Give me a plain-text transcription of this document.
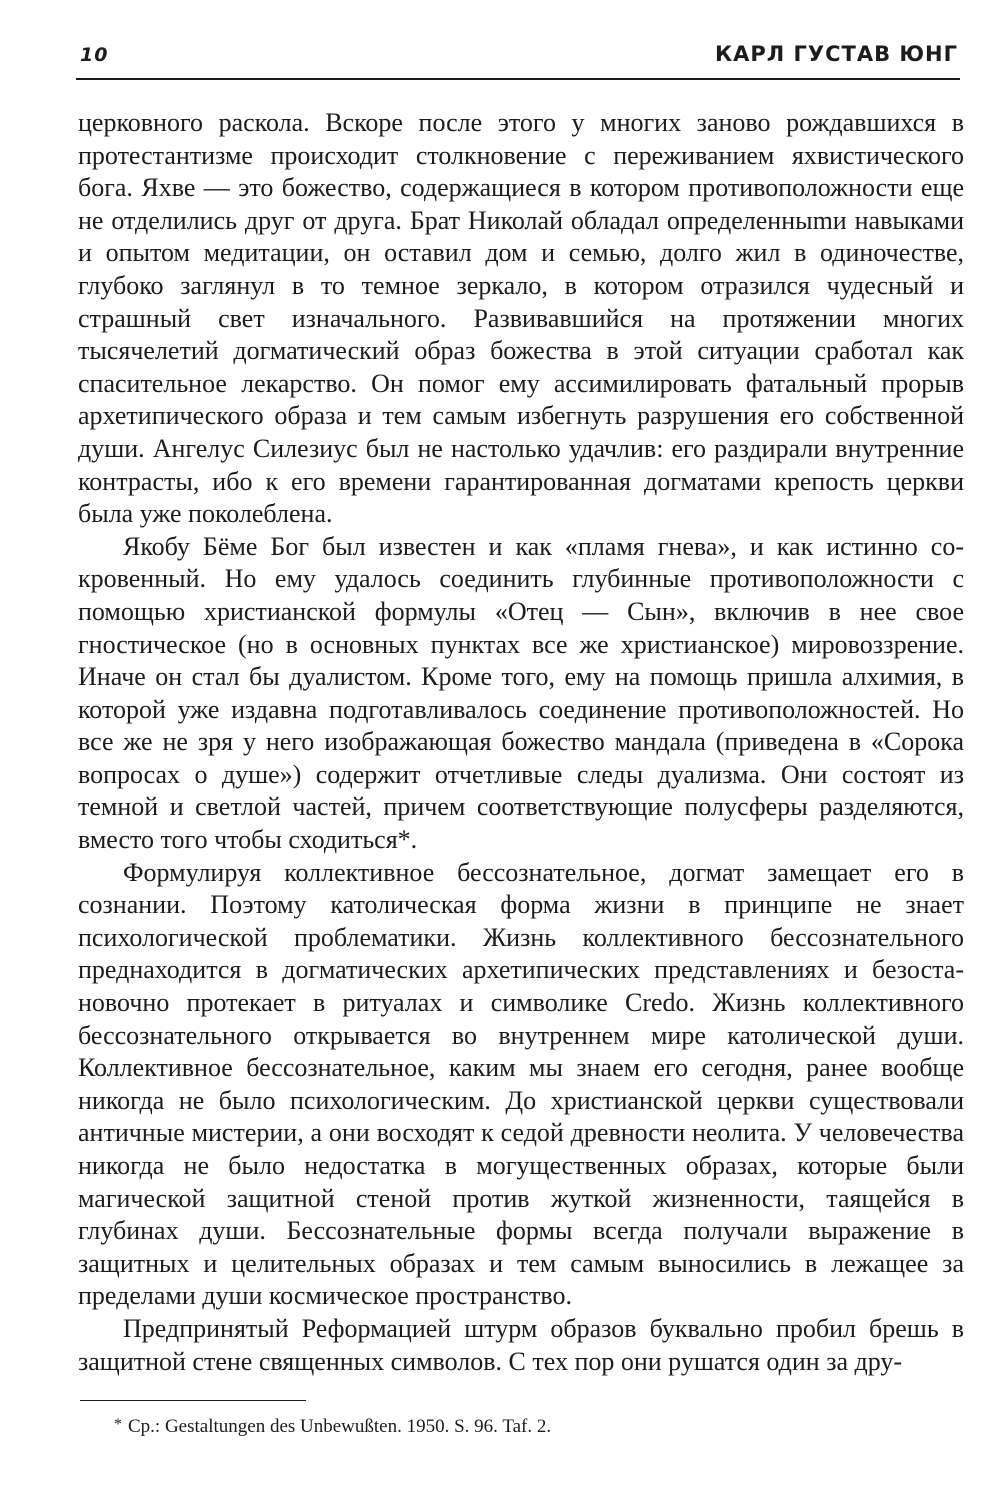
10	КАРЛ ГУСТАВ ЮНГ

церковного раскола. Вскоре после этого у многих заново рождавшихся в протестантизме происходит столкновение с переживанием яхвистического бога. Яхве — это божество, содержащиеся в котором противоположности еще не отделились друг от друга. Брат Николай обладал определенныmи навыками и опытом медитации, он оставил дом и семью, долго жил в одиночестве, глубоко заглянул в то темное зеркало, в котором отразился чудесный и страшный свет изначального. Развивавшийся на протяжении многих тысячелетий догматический образ божества в этой ситуации сработал как спасительное лекарство. Он помог ему ассимилировать фатальный прорыв архетипического образа и тем самым избегнуть разрушения его собственной души. Ангелус Силезиус был не настолько удачлив: его раздирали внутренние контрасты, ибо к его времени гарантированная догматами крепость церкви была уже поколеблена.

Якобу Бёме Бог был известен и как «пламя гнева», и как истинно сокровенный. Но ему удалось соединить глубинные противоположности с помощью христианской формулы «Отец — Сын», включив в нее свое гностическое (но в основных пунктах все же христианское) мировоззрение. Иначе он стал бы дуалистом. Кроме того, ему на помощь пришла алхимия, в которой уже издавна подготавливалось соединение противоположностей. Но все же не зря у него изображающая божество мандала (приведена в «Сорока вопросах о душе») содержит отчетливые следы дуализма. Они состоят из темной и светлой частей, причем соответствующие полусферы разделяются, вместо того чтобы сходиться*.

Формулируя коллективное бессознательное, догмат замещает его в сознании. Поэтому католическая форма жизни в принципе не знает психологической проблематики. Жизнь коллективного бессознательного преднаходится в догматических архетипических представлениях и безостановочно протекает в ритуалах и символике Credo. Жизнь коллективного бессознательного открывается во внутреннем мире католической души. Коллективное бессознательное, каким мы знаем его сегодня, ранее вообще никогда не было психологическим. До христианской церкви существовали античные мистерии, а они восходят к седой древности неолита. У человечества никогда не было недостатка в могущественных образах, которые были магической защитной стеной против жуткой жизненности, таящейся в глубинах души. Бессознательные формы всегда получали выражение в защитных и целительных образах и тем самым выносились в лежащее за пределами души космическое пространство.

Предпринятый Реформацией штурм образов буквально пробил брешь в защитной стене священных символов. С тех пор они рушатся один за дру-

* Ср.: Gestaltungen des Unbewußten. 1950. S. 96. Taf. 2.
